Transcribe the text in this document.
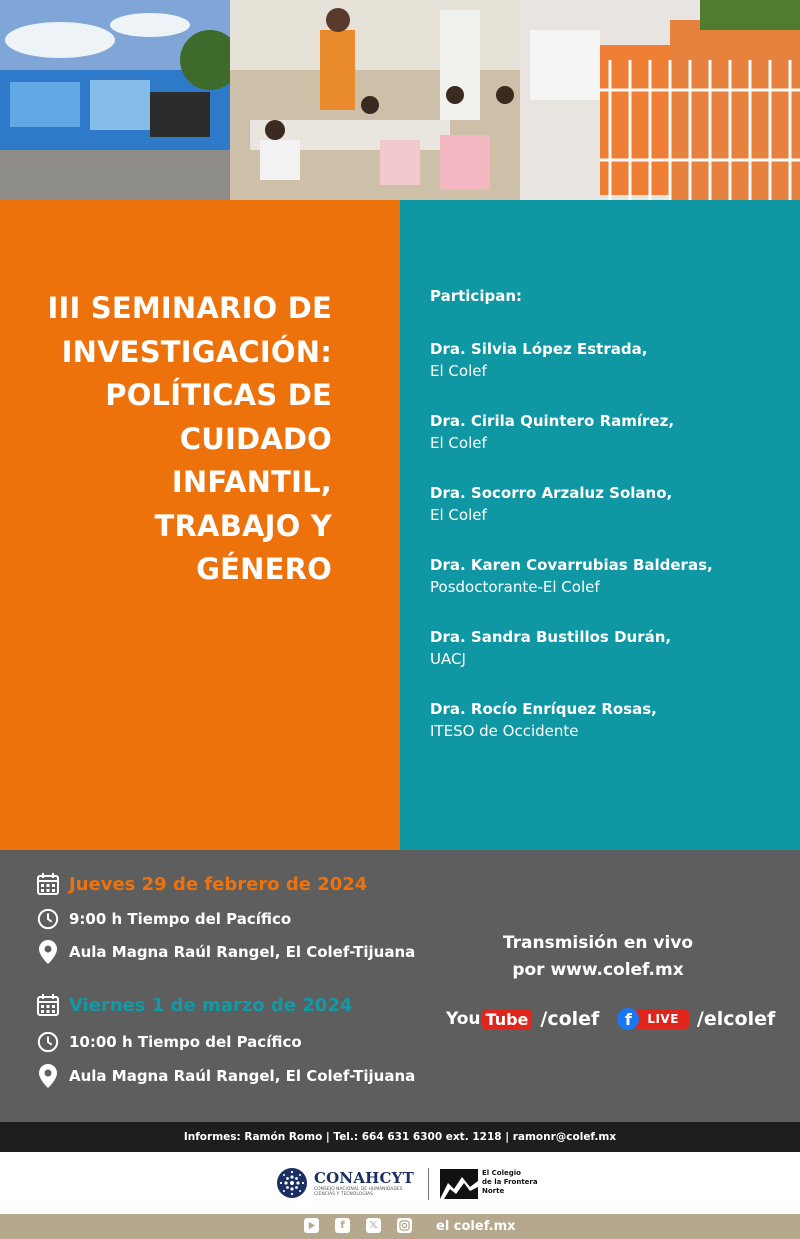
III SEMINARIO DE
INVESTIGACIÓN:
POLÍTICAS DE
CUIDADO
INFANTIL,
TRABAJO Y
GÉNERO
Participan:
Dra. Silvia López Estrada,
El Colef
Dra. Cirila Quintero Ramírez,
El Colef
Dra. Socorro Arzaluz Solano,
El Colef
Dra. Karen Covarrubias Balderas,
Posdoctorante-El Colef
Dra. Sandra Bustillos Durán,
UACJ
Dra. Rocío Enríquez Rosas,
ITESO de Occidente
Jueves 29 de febrero de 2024
9:00 h Tiempo del Pacífico
Aula Magna Raúl Rangel, El Colef-Tijuana
Viernes 1 de marzo de 2024
10:00 h Tiempo del Pacífico
Aula Magna Raúl Rangel, El Colef-Tijuana
Transmisión en vivo
por www.colef.mx
You Tube /colef	f	LIVE /elcolef
Informes: Ramón Romo | Tel.: 664 631 6300 ext. 1218 | ramonr@colef.mx
CONAHCYT
CONSEJO NACIONAL DE HUMANIDADES CIENCIAS Y TECNOLOGÍAS
El Colegio
de la Frontera
Norte
f	𝕏	el colef.mx
